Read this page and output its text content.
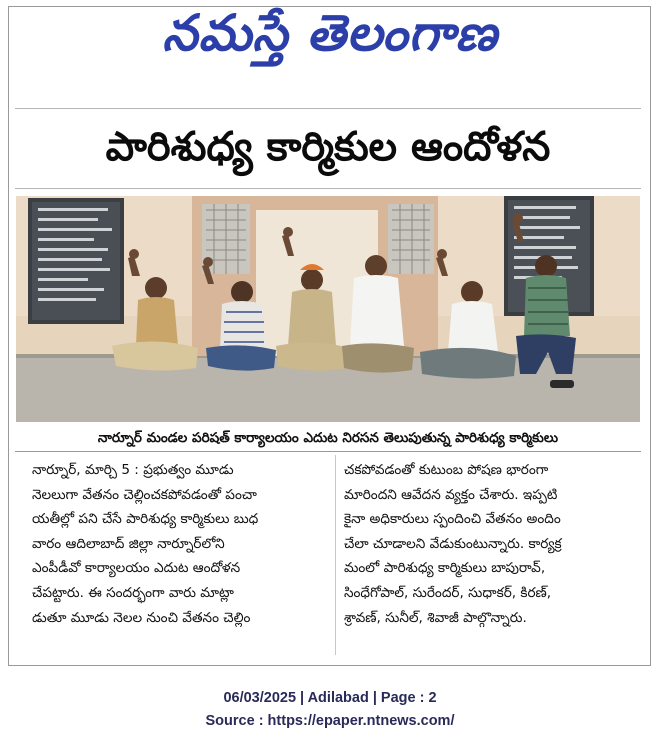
నమస్తే తెలంగాణ
పారిశుధ్య కార్మికుల ఆందోళన
నార్నూర్ మండల పరిషత్ కార్యాలయం ఎదుట నిరసన తెలుపుతున్న పారిశుధ్య కార్మికులు
నార్నూర్, మార్చి 5 : ప్రభుత్వం మూడు
నెలలుగా వేతనం చెల్లించకపోవడంతో పంచా
యతీల్లో పని చేసే పారిశుధ్య కార్మికులు బుధ
వారం ఆదిలాబాద్ జిల్లా నార్నూర్‌లోని
ఎంపీడీవో కార్యాలయం ఎదుట ఆందోళన
చేపట్టారు. ఈ సందర్భంగా వారు మాట్లా
డుతూ మూడు నెలల నుంచి వేతనం చెల్లిం
చకపోవడంతో కుటుంబ పోషణ భారంగా
మారిందని ఆవేదన వ్యక్తం చేశారు. ఇప్పటి
కైనా అధికారులు స్పందించి వేతనం అందిం
చేలా చూడాలని వేడుకుంటున్నారు. కార్యక్ర
మంలో పారిశుధ్య కార్మికులు బాపురావ్,
సింధేగోపాల్, సురేందర్, సుధాకర్, కిరణ్,
శ్రావణ్, సునీల్, శివాజీ పాల్గొన్నారు.
06/03/2025 | Adilabad | Page : 2
Source : https://epaper.ntnews.com/
